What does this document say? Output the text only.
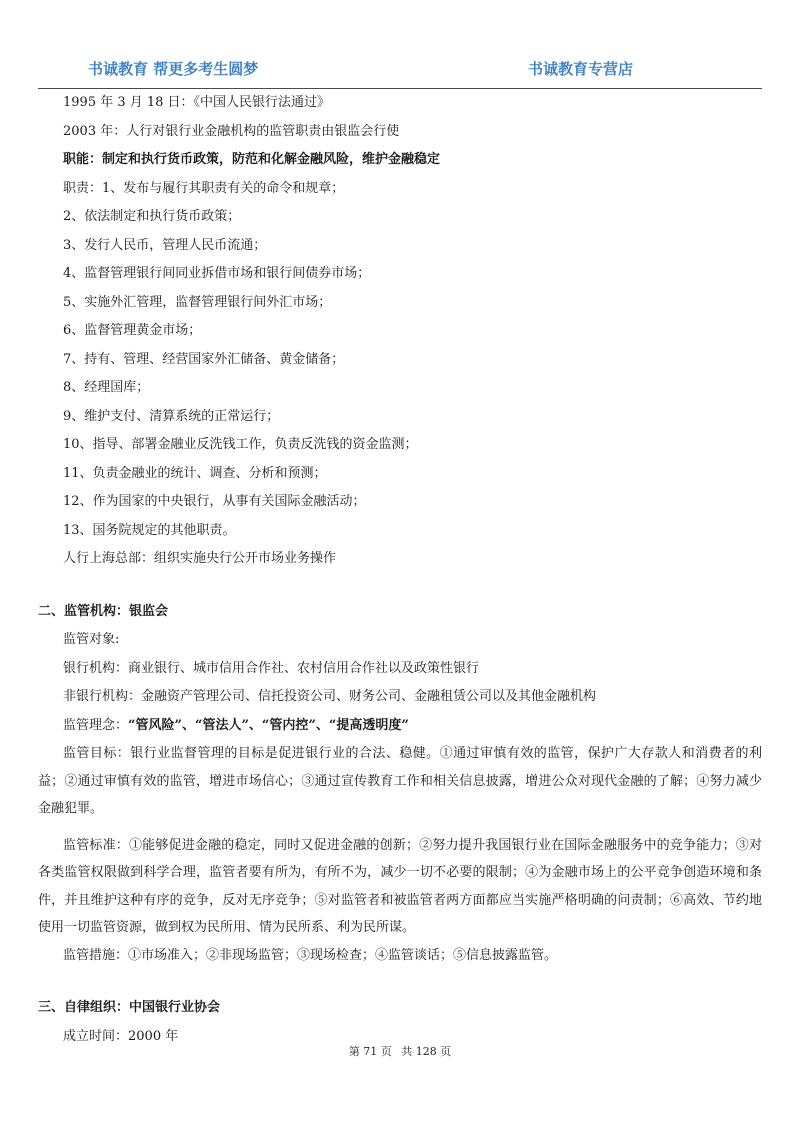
书诚教育 帮更多考生圆梦	书诚教育专营店
1995 年 3 月 18 日：《中国人民银行法通过》
2003 年：人行对银行业金融机构的监管职责由银监会行使
职能：制定和执行货币政策，防范和化解金融风险，维护金融稳定
职责：1、发布与履行其职责有关的命令和规章；
2、依法制定和执行货币政策；
3、发行人民币，管理人民币流通；
4、监督管理银行间同业拆借市场和银行间债券市场；
5、实施外汇管理，监督管理银行间外汇市场；
6、监督管理黄金市场；
7、持有、管理、经营国家外汇储备、黄金储备；
8、经理国库；
9、维护支付、清算系统的正常运行；
10、指导、部署金融业反洗钱工作，负责反洗钱的资金监测；
11、负责金融业的统计、调查、分析和预测；
12、作为国家的中央银行，从事有关国际金融活动；
13、国务院规定的其他职责。
人行上海总部：组织实施央行公开市场业务操作
二、监管机构：银监会
监管对象:
银行机构：商业银行、城市信用合作社、农村信用合作社以及政策性银行
非银行机构：金融资产管理公司、信托投资公司、财务公司、金融租赁公司以及其他金融机构
监管理念：“管风险”、“管法人”、“管内控”、“提高透明度”

监管目标：银行业监督管理的目标是促进银行业的合法、稳健。①通过审慎有效的监管，保护广大存款人和消费者的利益；②通过审慎有效的监管，增进市场信心；③通过宣传教育工作和相关信息披露，增进公众对现代金融的了解；④努力减少金融犯罪。

监管标准：①能够促进金融的稳定，同时又促进金融的创新；②努力提升我国银行业在国际金融服务中的竞争能力；③对各类监管权限做到科学合理，监管者要有所为，有所不为，减少一切不必要的限制；④为金融市场上的公平竞争创造环境和条件，并且维护这种有序的竞争，反对无序竞争；⑤对监管者和被监管者两方面都应当实施严格明确的问责制；⑥高效、节约地使用一切监管资源，做到权为民所用、情为民所系、利为民所谋。

监管措施：①市场准入；②非现场监管；③现场检查；④监管谈话；⑤信息披露监管。
三、自律组织：中国银行业协会
成立时间：2000 年
第 71 页 共 128 页
